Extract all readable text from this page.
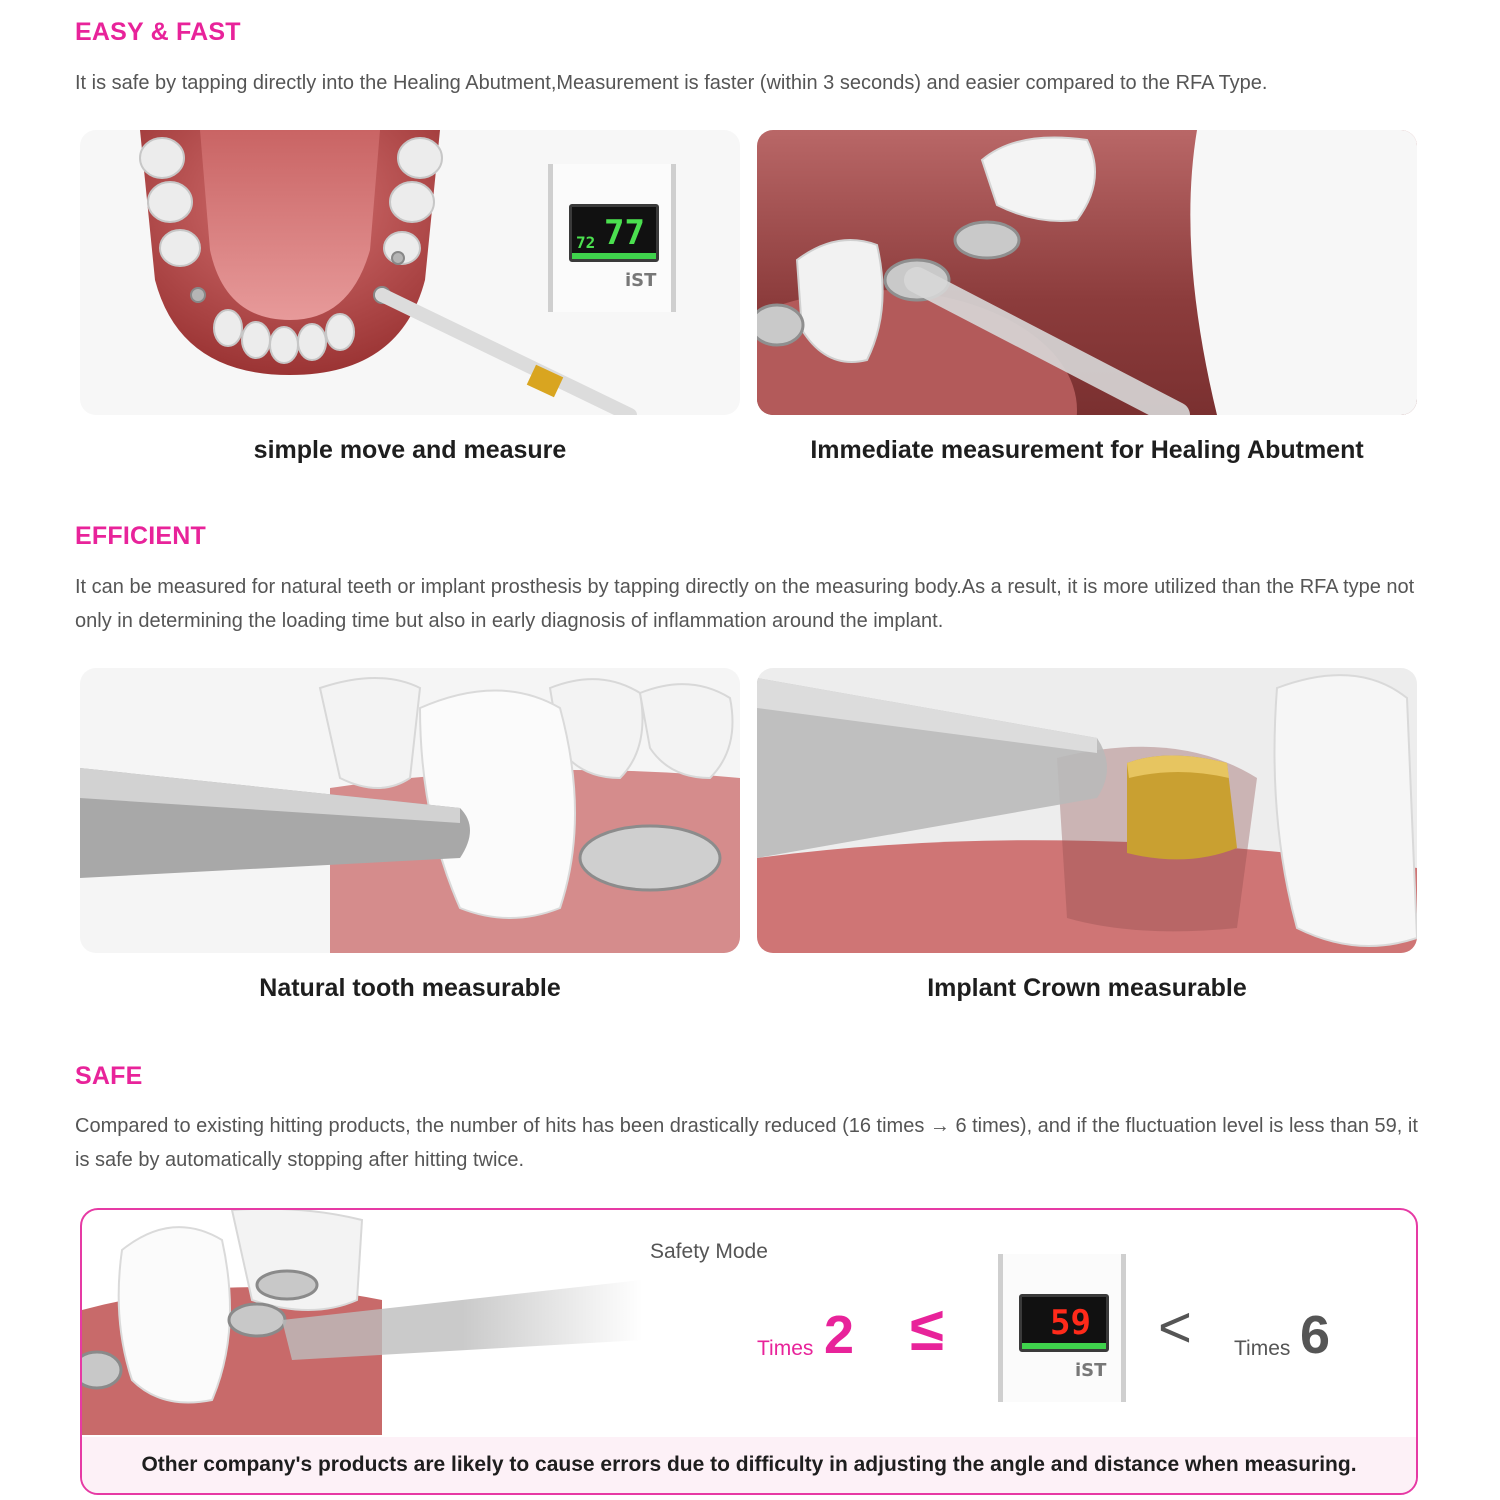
EASY & FAST

It is safe by tapping directly into the Healing Abutment,Measurement is faster (within 3 seconds) and easier compared to the RFA Type.

72 77
iST

simple move and measure	Immediate measurement for Healing Abutment

EFFICIENT

It can be measured for natural teeth or implant prosthesis by tapping directly on the measuring body.As a result, it is more utilized than the RFA type not only in determining the loading time but also in early diagnosis of inflammation around the implant.

Natural tooth measurable	Implant Crown measurable

SAFE

Compared to existing hitting products, the number of hits has been drastically reduced (16 times → 6 times), and if the fluctuation level is less than 59, it is safe by automatically stopping after hitting twice.

Safety Mode
Times 2 ≤	59
iST
< Times 6
Other company's products are likely to cause errors due to difficulty in adjusting the angle and distance when measuring.
